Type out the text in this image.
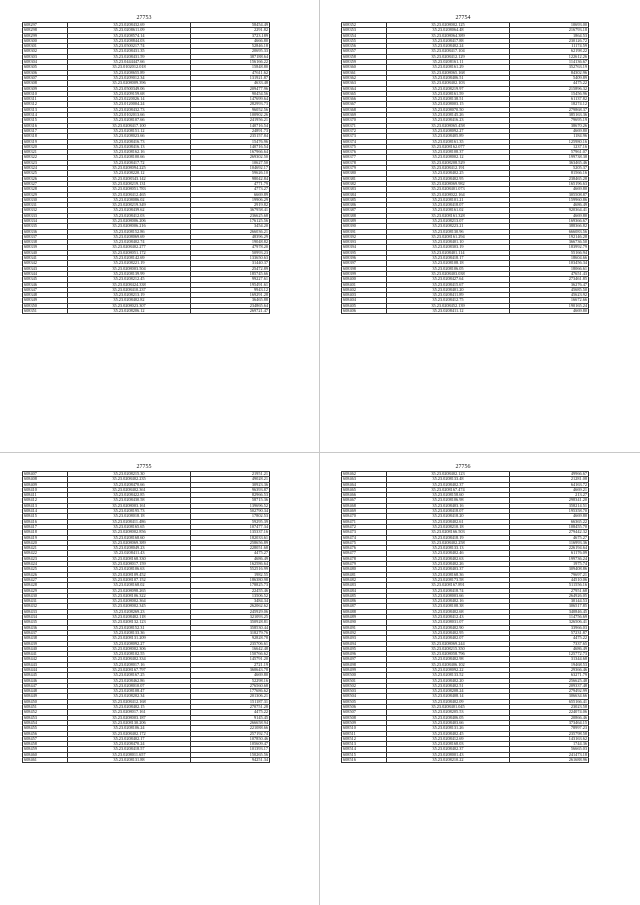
27753
608297	35.23.0208432.69	58454.49
608298	35.23.0208611.09	2291.82
608299	35.23.0208574.14	3723.189
608300	35.23.0208844.03	4666.80
608301	35.23.0500217.74	52846.18
608302	35.23.0208431.35	20695.33
608303	35.23.0208431.59	387188.64
608304	35.23.0444447.66	156166.22
608305	35.23.0102012.018	15848.80
608306	35.23.0208655.89	47611.62
608307	35.23.0209012.34	131921.87
608308	35.23.0208009.396	4633.48
608309	35.23.0500349.06	209477.96
608310	35.23.0209159.68	90454.56
608311	35.23.0220026.14	147699.64
608312	35.23.0120004.24	282993.73
608313	35.23.0208432.73	96052.56
608314	35.23.0102013.66	100902.26
608315	35.23.0208107.66	241956.21
608316	35.23.0208417.100	140716.54
608317	35.23.0208151.12	24891.73
608318	35.23.0208023.66	235157.84
608319	35.23.0208416.73	15476.96
608320	35.23.0208416.13	140716.54
608321	35.23.0208162.16	167966.64
608322	35.23.0208100.66	269302.50
608323	35.23.0208417.72	10627.50
608324	35.23.0208094.225	104692.17
608325	35.23.0208220.12	59626.10
608326	35.23.0208343.142	98042.84
608327	35.23.0208219.131	4771.79
608328	35.23.0208051.783	4773.27
608329	35.23.0208412.465	6669.89
608330	35.23.0208086.02	19906.29
608331	35.23.0208219.349	2919.82
608332	35.23.0208439.62	367958.41
608333	35.23.0208412.03	236625.68
608334	35.23.0208006.206	176125.56
608335	35.23.0208006.216	3454.20
608336	35.23.0208152.86	266036.21
608337	35.23.0208069.69	48396.29
608338	35.23.0208402.74	19048.82
608339	35.23.0208402.277	47978.20
608340	35.23.0208051.172	50993.23
608341	35.23.0208142.69	133650.63
608342	35.23.0208221.19	31440.37
608343	35.23.0208003.504	25472.89
608344	35.23.0208139.99	185745.66
608345	35.23.0208212.45	99227.61
608346	35.23.0208424.338	195491.61
608347	35.23.0208410.237	9943.12
608348	35.23.0208213.19	169291.28
608349	35.23.0208402.82	36465.88
608350	35.23.0208023.307	234865.64
608351	35.23.0208206.12	269721.47
27754
608352	35.23.0208002.125	10693.00
608353	35.23.0208064.48	216793.18
608354	35.23.0208064.389	1864.53
608355	35.23.0208417.88	230126.72
608356	35.23.0208402.24	11174.59
608357	35.23.0208417.104	62198.22
608358	35.23.0208412.129	122612.26
608359	35.23.0208161.11	114136.67
608360	35.23.0208161.29	352763.19
608361	35.23.0208065.168	84302.96
608362	35.23.0208406.51	5409.89
608363	35.23.0208402.103	4475.22
608364	35.23.0208219.97	215896.32
608365	35.23.0208161.59	15456.96
608366	35.23.0208138.51	61137.82
608367	35.23.0208003.15	18274.12
608368	35.23.0208070.50	279868.37
608369	35.23.0208145.26	385163.36
608370	35.23.0208416.23	79695.19
608371	35.23.0208065.458	38670.26
608372	35.23.0208092.27	4669.80
608373	35.23.0208405.89	1184.96
608374	35.23.0208161.35	125980.16
608375	35.23.0208162.077	1237.16
608376	35.23.0208108.37	57961.07
608377	35.23.0208002.12	199738.38
608378	35.23.0208208.529	363465.46
608379	35.23.0208412.191	5205.37
608380	35.23.0208402.25	81566.16
608381	35.23.0208402.95	238465.28
608382	35.23.0208069.982	165196.63
608383	35.23.0208401.073	4669.80
608384	35.23.0208022.164	305508.87
608385	35.23.0208101.21	159960.86
608386	35.23.0208418.07	4686.49
608387	35.23.0208161.02	920364.41
608388	35.23.0208161.328	4669.80
608389	35.23.0208213.07	169366.67
608390	35.23.0208223.21	388366.82
608391	35.23.0208130.96	666083.56
608392	35.23.0208161.294	192146.28
608393	35.23.0208401.10	366736.50
608394	35.23.0208303.19	183992.79
608395	35.23.0208401.114	55166.94
608396	35.23.0208418.17	18604.66
608397	35.23.0208108.18	103456.34
608398	35.23.0208106.05	18066.61
608399	35.23.0208403.038	47651.43
608400	35.23.0208427.64	273461.85
608401	35.23.0208415.67	36276.47
608402	35.23.0208401.20	45685.50
608403	35.23.0208411.89	45623.92
608404	35.23.0208412.75	16672.66
608405	35.23.0208452.139	190165.24
608406	35.23.0208411.12	4669.80
27755
608407	35.23.0208215.30	21951.21
608408	35.23.0208402.235	49028.21
608409	35.23.0208470.66	30923.36
608410	35.23.0208402.361	96393.87
608411	35.23.0208422.85	82966.53
608412	35.23.0208430.58	58715.36
608413	35.23.0208003.161	139696.52
608414	35.23.0208195.73	502790.34
608415	35.23.0208018.18	17802.53
608416	35.23.0208411.486	59295.39
608417	35.23.0208165.65	107477.34
608418	35.23.0208002.856	135337.16
608419	35.23.0208168.60	182033.61
608420	35.23.0208069.389	258656.89
608421	35.23.0208049.23	228051.68
608422	35.23.0208411.43	4475.27
608423	35.23.0208168.330	4686.49
608424	35.23.0208017.159	162586.64
608425	35.23.0208106.63	552516.99
608426	35.23.0208109.452	1982.55
608427	35.23.0208107.152	186380.98
608428	35.23.0208168.02	178825.73
608429	35.23.0208098.265	22455.46
608430	35.23.0208106.322	13506.52
608431	35.23.0208002.364	3484.34
608432	35.23.0208002.345	262062.62
608433	35.23.0208269.23	245929.06
608434	35.23.0208402.118	321093.25
608435	35.23.0208132.123	350928.81
608436	35.23.0208152.31	358530.44
608437	35.23.0208133.36	318279.76
608438	35.23.0208131.209	92828.78
608439	35.23.0208092.27	235706.61
608440	35.23.0208002.306	16642.48
608441	35.23.0208102.55	150766.62
608442	35.23.0208402.334	145791.20
608443	35.23.0208017.16	2721.19
608444	35.23.0208167.797	360643.78
608445	35.23.0208167.25	4669.80
608446	35.23.0208462.86	52298.16
608447	35.23.0208010.07	276560.68
608448	35.23.0208108.47	177686.62
608449	35.23.0208202.34	201306.21
608450	35.23.0208412.168	151187.31
608451	35.23.0208402.15	270751.28
608452	35.23.0208017.161	4475.22
608453	35.23.0208003.187	9145.45
608454	35.23.0208130.206	266658.94
608455	35.23.0208106.24	221088.66
608456	35.23.0208402.172	257192.74
608457	35.23.0208402.17	107850.46
608458	35.23.0208470.24	105609.47
608459	35.23.0208418.57	101393.17
608460	35.23.0208011.657	150265.56
608461	35.23.0208131.88	94251.34
27756
608462	35.23.0208402.123	49966.67
608463	35.23.0208133.48	21281.08
608464	35.23.0208402.37	64163.72
608465	35.23.0208167.474	4669.21
608466	35.23.0208158.60	213.27
608467	35.23.0208106.98	298341.20
608468	35.23.0208403.16	358214.51
608469	35.23.0208418.07	195358.70
608470	35.23.0208418.20	4669.80
608471	35.23.0208402.61	66365.22
608472	35.23.0208210.18	108455.70
608473	35.23.0208166.503	279442.32
608474	35.23.0208418.19	4675.27
608475	35.23.0208402.258	116993.36
608476	35.23.0208133.13	226194.64
608477	35.23.0208402.46	61176.09
608478	35.23.0208402.63	199736.24
608479	35.23.0208402.26	1975.74
608480	35.23.0208403.37	309408.86
608481	35.23.0208168.36	79697.21
608482	35.23.0208173.58	44510.06
608483	35.23.0208167.891	511556.16
608484	35.23.0208418.74	27951.68
608485	35.23.0208003.66	264926.05
608486	35.23.0208402.16	30144.53
608487	35.23.0208108.38	306517.85
608488	35.23.0208402.68	340846.45
608489	35.23.0208412.43	114756.69
608490	35.23.0208031.07	326506.41
608491	35.23.0208402.90	33966.03
608492	35.23.0208402.95	57231.87
608493	35.23.0208402.07	4475.22
608494	35.23.0208069.244	7337.65
608495	35.23.0208215.350	4686.49
608496	35.23.0208058.796	125772.73
608497	35.23.0208402.98	31344.68
608498	35.23.0208406.102	19468.53
608499	35.23.0208092.22	29366.46
608500	35.23.0208133.52	63271.79
608501	35.23.0208402.20	256625.48
608502	35.23.0208402.51	209337.48
608503	35.23.0208208.24	279492.99
608504	35.23.0208408.14	306634.66
608505	35.23.0208402.09	655166.41
608506	35.23.0208401.045	23023.58
608507	35.23.0208205.53	224074.06
608508	35.23.0208406.05	20866.46
608509	35.23.0208403.66	373464.15
608510	35.23.0208131.26	78997.23
608511	35.23.0208402.45	235798.58
608512	35.23.0208412.69	143163.62
608513	35.23.0208168.03	1744.36
608514	35.23.0208402.37	56665.03
608515	35.23.0208001.43	241473.18
608516	35.23.0208210.22	261688.96
